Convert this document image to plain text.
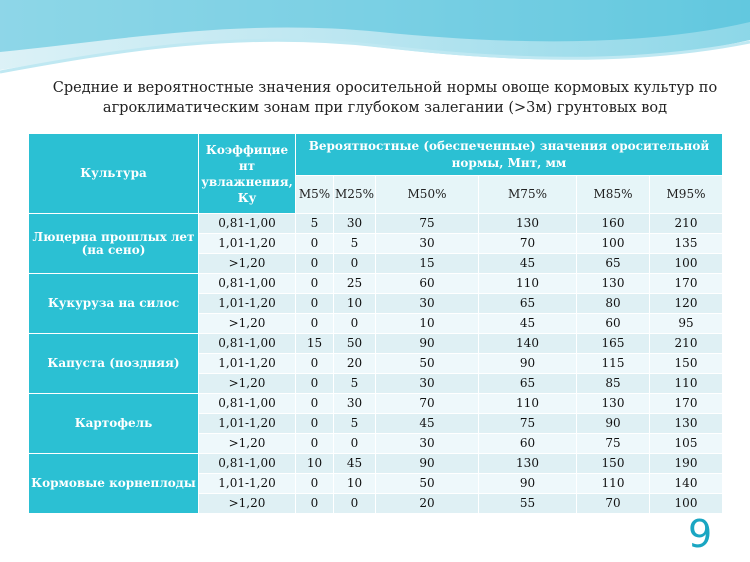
Средние и вероятностные значения оросительной нормы овоще кормовых культур по
агроклиматическим зонам при глубоком залегании (>3м) грунтовых вод
Культура	Коэффицие нт увлажнения, Ку	Вероятностные (обеспеченные) значения оросительной нормы, Мнт, мм					
		М5%	М25%	М50%	М75%	М85%	М95%
Люцерна прошлых лет (на сено)	0,81-1,00	5	30	75	130	160	210
	1,01-1,20	0	5	30	70	100	135
	>1,20	0	0	15	45	65	100
Кукуруза на силос	0,81-1,00	0	25	60	110	130	170
	1,01-1,20	0	10	30	65	80	120
	>1,20	0	0	10	45	60	95
Капуста (поздняя)	0,81-1,00	15	50	90	140	165	210
	1,01-1,20	0	20	50	90	115	150
	>1,20	0	5	30	65	85	110
Картофель	0,81-1,00	0	30	70	110	130	170
	1,01-1,20	0	5	45	75	90	130
	>1,20	0	0	30	60	75	105
Кормовые корнеплоды	0,81-1,00	10	45	90	130	150	190
	1,01-1,20	0	10	50	90	110	140
	>1,20	0	0	20	55	70	100
9
